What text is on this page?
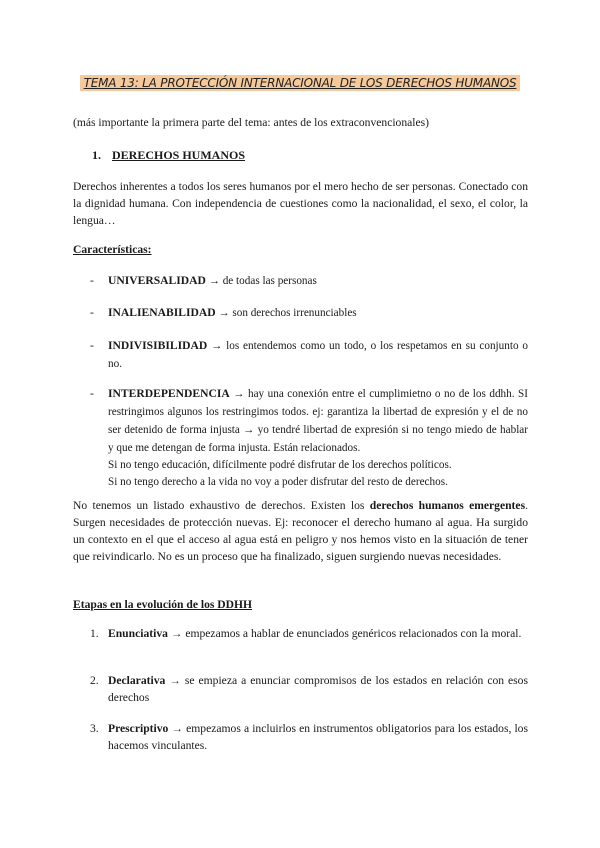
TEMA 13: LA PROTECCIÓN INTERNACIONAL DE LOS DERECHOS HUMANOS
(más importante la primera parte del tema: antes de los extraconvencionales)
1. DERECHOS HUMANOS
Derechos inherentes a todos los seres humanos por el mero hecho de ser personas. Conectado con la dignidad humana. Con independencia de cuestiones como la nacionalidad, el sexo, el color, la lengua…
Características:
- UNIVERSALIDAD → de todas las personas
- INALIENABILIDAD → son derechos irrenunciables
- INDIVISIBILIDAD → los entendemos como un todo, o los respetamos en su conjunto o no.
- INTERDEPENDENCIA → hay una conexión entre el cumplimietno o no de los ddhh. SI restringimos algunos los restringimos todos. ej: garantiza la libertad de expresión y el de no ser detenido de forma injusta → yo tendré libertad de expresión si no tengo miedo de hablar y que me detengan de forma injusta. Están relacionados.
Si no tengo educación, difícilmente podré disfrutar de los derechos políticos.
Si no tengo derecho a la vida no voy a poder disfrutar del resto de derechos.
No tenemos un listado exhaustivo de derechos. Existen los derechos humanos emergentes. Surgen necesidades de protección nuevas. Ej: reconocer el derecho humano al agua. Ha surgido un contexto en el que el acceso al agua está en peligro y nos hemos visto en la situación de tener que reivindicarlo. No es un proceso que ha finalizado, siguen surgiendo nuevas necesidades.
Etapas en la evolución de los DDHH
1. Enunciativa → empezamos a hablar de enunciados genéricos relacionados con la moral.
2. Declarativa → se empieza a enunciar compromisos de los estados en relación con esos derechos
3. Prescriptivo → empezamos a incluirlos en instrumentos obligatorios para los estados, los hacemos vinculantes.
